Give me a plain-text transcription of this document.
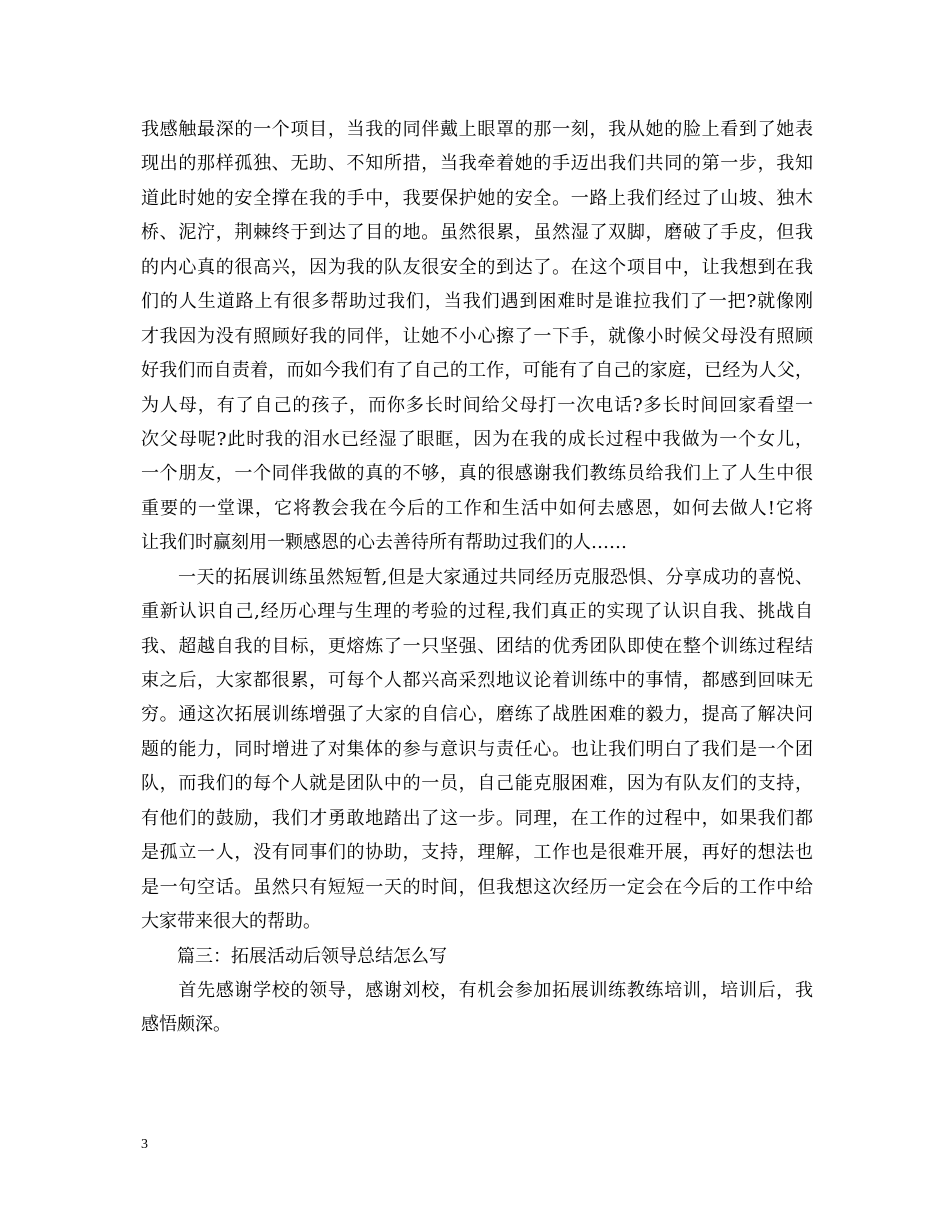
我感触最深的一个项目，当我的同伴戴上眼罩的那一刻，我从她的脸上看到了她表
现出的那样孤独、无助、不知所措，当我牵着她的手迈出我们共同的第一步，我知
道此时她的安全撑在我的手中，我要保护她的安全。一路上我们经过了山坡、独木
桥、泥泞，荆棘终于到达了目的地。虽然很累，虽然湿了双脚，磨破了手皮，但我
的内心真的很高兴，因为我的队友很安全的到达了。在这个项目中，让我想到在我
们的人生道路上有很多帮助过我们，当我们遇到困难时是谁拉我们了一把?就像刚
才我因为没有照顾好我的同伴，让她不小心擦了一下手，就像小时候父母没有照顾
好我们而自责着，而如今我们有了自己的工作，可能有了自己的家庭，已经为人父，
为人母，有了自己的孩子，而你多长时间给父母打一次电话?多长时间回家看望一
次父母呢?此时我的泪水已经湿了眼眶，因为在我的成长过程中我做为一个女儿，
一个朋友，一个同伴我做的真的不够，真的很感谢我们教练员给我们上了人生中很
重要的一堂课，它将教会我在今后的工作和生活中如何去感恩，如何去做人!它将
让我们时赢刻用一颗感恩的心去善待所有帮助过我们的人……
　　一天的拓展训练虽然短暂,但是大家通过共同经历克服恐惧、分享成功的喜悦、
重新认识自己,经历心理与生理的考验的过程,我们真正的实现了认识自我、挑战自
我、超越自我的目标，更熔炼了一只坚强、团结的优秀团队即使在整个训练过程结
束之后，大家都很累，可每个人都兴高采烈地议论着训练中的事情，都感到回味无
穷。通这次拓展训练增强了大家的自信心，磨练了战胜困难的毅力，提高了解决问
题的能力，同时增进了对集体的参与意识与责任心。也让我们明白了我们是一个团
队，而我们的每个人就是团队中的一员，自己能克服困难，因为有队友们的支持，
有他们的鼓励，我们才勇敢地踏出了这一步。同理，在工作的过程中，如果我们都
是孤立一人，没有同事们的协助，支持，理解，工作也是很难开展，再好的想法也
是一句空话。虽然只有短短一天的时间，但我想这次经历一定会在今后的工作中给
大家带来很大的帮助。
　　篇三：拓展活动后领导总结怎么写
　　首先感谢学校的领导，感谢刘校，有机会参加拓展训练教练培训，培训后，我
感悟颇深。
3
